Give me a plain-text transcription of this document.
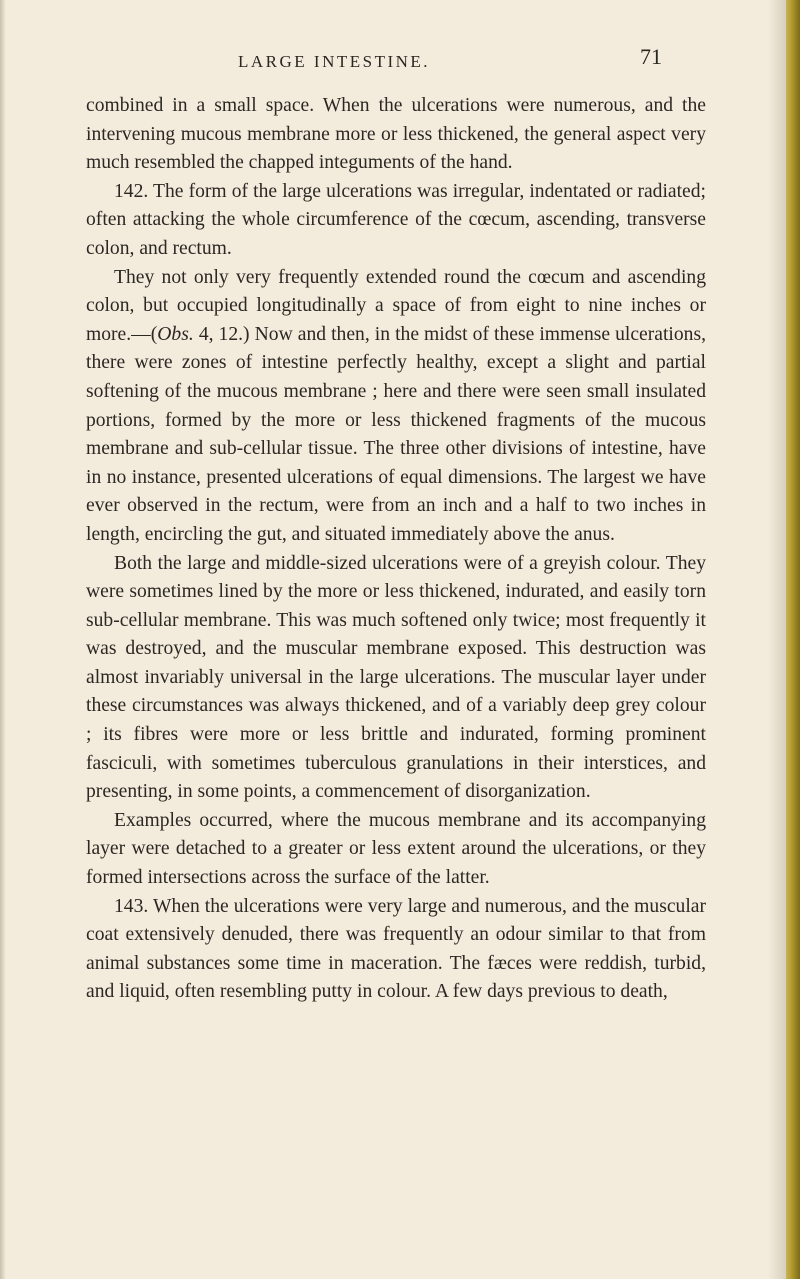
LARGE INTESTINE.	71

combined in a small space. When the ulcerations were numerous, and the intervening mucous membrane more or less thickened, the general aspect very much resembled the chapped integuments of the hand.

142. The form of the large ulcerations was irregular, indentated or radiated; often attacking the whole circumference of the cœcum, ascending, transverse colon, and rectum.

They not only very frequently extended round the cœcum and ascending colon, but occupied longitudinally a space of from eight to nine inches or more.—(Obs. 4, 12.) Now and then, in the midst of these immense ulcerations, there were zones of intestine perfectly healthy, except a slight and partial softening of the mucous membrane ; here and there were seen small insulated portions, formed by the more or less thickened fragments of the mucous membrane and sub-cellular tissue. The three other divisions of intestine, have in no instance, presented ulcerations of equal dimensions. The largest we have ever observed in the rectum, were from an inch and a half to two inches in length, encircling the gut, and situated immediately above the anus.

Both the large and middle-sized ulcerations were of a greyish colour. They were sometimes lined by the more or less thickened, indurated, and easily torn sub-cellular membrane. This was much softened only twice; most frequently it was destroyed, and the muscular membrane exposed. This destruction was almost invariably universal in the large ulcerations. The muscular layer under these circumstances was always thickened, and of a variably deep grey colour ; its fibres were more or less brittle and indurated, forming prominent fasciculi, with sometimes tuberculous granulations in their interstices, and presenting, in some points, a commencement of disorganization.

Examples occurred, where the mucous membrane and its accompanying layer were detached to a greater or less extent around the ulcerations, or they formed intersections across the surface of the latter.

143. When the ulcerations were very large and numerous, and the muscular coat extensively denuded, there was frequently an odour similar to that from animal substances some time in maceration. The fæces were reddish, turbid, and liquid, often resembling putty in colour. A few days previous to death,
